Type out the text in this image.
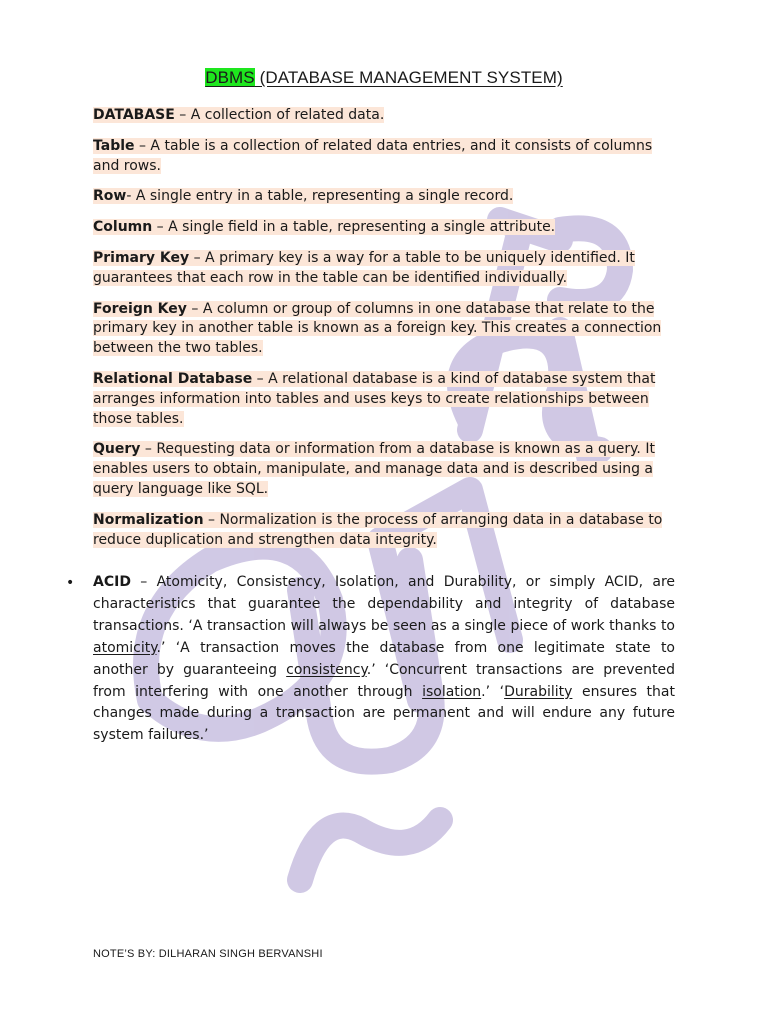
DBMS (DATABASE MANAGEMENT SYSTEM)

DATABASE – A collection of related data.

Table – A table is a collection of related data entries, and it consists of columns and rows.

Row- A single entry in a table, representing a single record.

Column – A single field in a table, representing a single attribute.

Primary Key – A primary key is a way for a table to be uniquely identified. It guarantees that each row in the table can be identified individually.

Foreign Key – A column or group of columns in one database that relate to the primary key in another table is known as a foreign key. This creates a connection between the two tables.

Relational Database – A relational database is a kind of database system that arranges information into tables and uses keys to create relationships between those tables.

Query – Requesting data or information from a database is known as a query. It enables users to obtain, manipulate, and manage data and is described using a query language like SQL.

Normalization – Normalization is the process of arranging data in a database to reduce duplication and strengthen data integrity.

• ACID – Atomicity, Consistency, Isolation, and Durability, or simply ACID, are characteristics that guarantee the dependability and integrity of database transactions. ‘A transaction will always be seen as a single piece of work thanks to atomicity.’ ‘A transaction moves the database from one legitimate state to another by guaranteeing consistency.’ ‘Concurrent transactions are prevented from interfering with one another through isolation.’ ‘Durability ensures that changes made during a transaction are permanent and will endure any future system failures.’
NOTE’S BY: DILHARAN SINGH BERVANSHI
